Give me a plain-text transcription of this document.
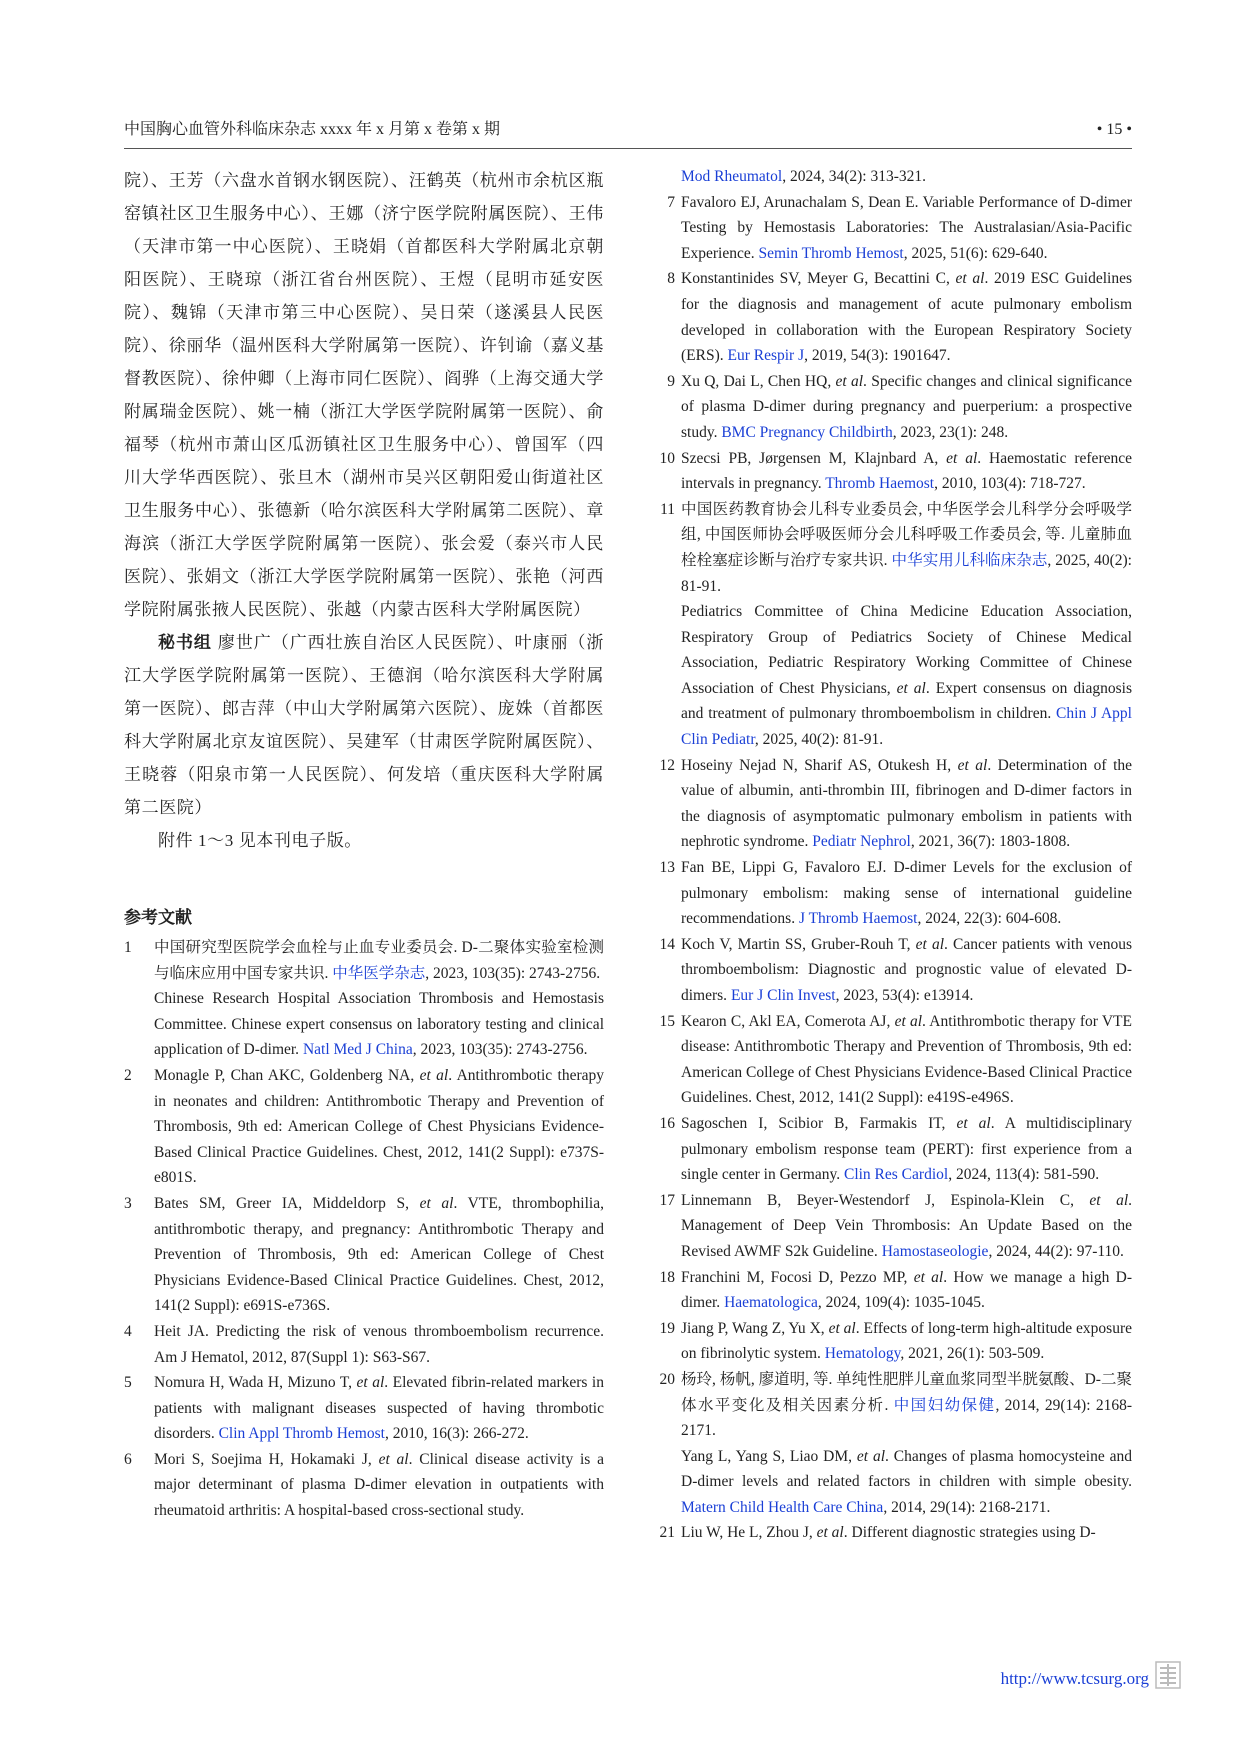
中国胸心血管外科临床杂志 xxxx 年 x 月第 x 卷第 x 期	• 15 •

院）、王芳（六盘水首钢水钢医院）、汪鹤英（杭州市余杭区瓶窑镇社区卫生服务中心）、王娜（济宁医学院附属医院）、王伟（天津市第一中心医院）、王晓娟（首都医科大学附属北京朝阳医院）、王晓琼（浙江省台州医院）、王煜（昆明市延安医院）、魏锦（天津市第三中心医院）、吴日荣（遂溪县人民医院）、徐丽华（温州医科大学附属第一医院）、许钊谕（嘉义基督教医院）、徐仲卿（上海市同仁医院）、阎骅（上海交通大学附属瑞金医院）、姚一楠（浙江大学医学院附属第一医院）、俞福琴（杭州市萧山区瓜沥镇社区卫生服务中心）、曾国军（四川大学华西医院）、张旦木（湖州市吴兴区朝阳爱山街道社区卫生服务中心）、张德新（哈尔滨医科大学附属第二医院）、章海滨（浙江大学医学院附属第一医院）、张会爱（泰兴市人民医院）、张娟文（浙江大学医学院附属第一医院）、张艳（河西学院附属张掖人民医院）、张越（内蒙古医科大学附属医院）

秘书组 廖世广（广西壮族自治区人民医院）、叶康丽（浙江大学医学院附属第一医院）、王德润（哈尔滨医科大学附属第一医院）、郎吉萍（中山大学附属第六医院）、庞姝（首都医科大学附属北京友谊医院）、吴建军（甘肃医学院附属医院）、王晓蓉（阳泉市第一人民医院）、何发培（重庆医科大学附属第二医院）

附件 1～3 见本刊电子版。

参考文献
1	中国研究型医院学会血栓与止血专业委员会. D-二聚体实验室检测与临床应用中国专家共识. 中华医学杂志, 2023, 103(35): 2743-2756.

Chinese Research Hospital Association Thrombosis and Hemostasis Committee. Chinese expert consensus on laboratory testing and clinical application of D-dimer. Natl Med J China, 2023, 103(35): 2743-2756.

2	Monagle P, Chan AKC, Goldenberg NA, et al. Antithrombotic therapy in neonates and children: Antithrombotic Therapy and Prevention of Thrombosis, 9th ed: American College of Chest Physicians Evidence-Based Clinical Practice Guidelines. Chest, 2012, 141(2 Suppl): e737S-e801S.

3	Bates SM, Greer IA, Middeldorp S, et al. VTE, thrombophilia, antithrombotic therapy, and pregnancy: Antithrombotic Therapy and Prevention of Thrombosis, 9th ed: American College of Chest Physicians Evidence-Based Clinical Practice Guidelines. Chest, 2012, 141(2 Suppl): e691S-e736S.

4	Heit JA. Predicting the risk of venous thromboembolism recurrence. Am J Hematol, 2012, 87(Suppl 1): S63-S67.

5	Nomura H, Wada H, Mizuno T, et al. Elevated fibrin-related markers in patients with malignant diseases suspected of having thrombotic disorders. Clin Appl Thromb Hemost, 2010, 16(3): 266-272.

6	Mori S, Soejima H, Hokamaki J, et al. Clinical disease activity is a major determinant of plasma D-dimer elevation in outpatients with rheumatoid arthritis: A hospital-based cross-sectional study.

Mod Rheumatol, 2024, 34(2): 313-321.
7 Favaloro EJ, Arunachalam S, Dean E. Variable Performance of D-dimer Testing by Hemostasis Laboratories: The Australasian/Asia-Pacific Experience. Semin Thromb Hemost, 2025, 51(6): 629-640.

8 Konstantinides SV, Meyer G, Becattini C, et al. 2019 ESC Guidelines for the diagnosis and management of acute pulmonary embolism developed in collaboration with the European Respiratory Society (ERS). Eur Respir J, 2019, 54(3): 1901647.

9 Xu Q, Dai L, Chen HQ, et al. Specific changes and clinical significance of plasma D-dimer during pregnancy and puerperium: a prospective study. BMC Pregnancy Childbirth, 2023, 23(1): 248.

10 Szecsi PB, Jørgensen M, Klajnbard A, et al. Haemostatic reference intervals in pregnancy. Thromb Haemost, 2010, 103(4): 718-727.

11 中国医药教育协会儿科专业委员会, 中华医学会儿科学分会呼吸学组, 中国医师协会呼吸医师分会儿科呼吸工作委员会, 等. 儿童肺血栓栓塞症诊断与治疗专家共识. 中华实用儿科临床杂志, 2025, 40(2): 81-91.

Pediatrics Committee of China Medicine Education Association, Respiratory Group of Pediatrics Society of Chinese Medical Association, Pediatric Respiratory Working Committee of Chinese Association of Chest Physicians, et al. Expert consensus on diagnosis and treatment of pulmonary thromboembolism in children. Chin J Appl Clin Pediatr, 2025, 40(2): 81-91.

12 Hoseiny Nejad N, Sharif AS, Otukesh H, et al. Determination of the value of albumin, anti-thrombin III, fibrinogen and D-dimer factors in the diagnosis of asymptomatic pulmonary embolism in patients with nephrotic syndrome. Pediatr Nephrol, 2021, 36(7): 1803-1808.

13 Fan BE, Lippi G, Favaloro EJ. D-dimer Levels for the exclusion of pulmonary embolism: making sense of international guideline recommendations. J Thromb Haemost, 2024, 22(3): 604-608.

14 Koch V, Martin SS, Gruber-Rouh T, et al. Cancer patients with venous thromboembolism: Diagnostic and prognostic value of elevated D-dimers. Eur J Clin Invest, 2023, 53(4): e13914.

15 Kearon C, Akl EA, Comerota AJ, et al. Antithrombotic therapy for VTE disease: Antithrombotic Therapy and Prevention of Thrombosis, 9th ed: American College of Chest Physicians Evidence-Based Clinical Practice Guidelines. Chest, 2012, 141(2 Suppl): e419S-e496S.

16 Sagoschen I, Scibior B, Farmakis IT, et al. A multidisciplinary pulmonary embolism response team (PERT): first experience from a single center in Germany. Clin Res Cardiol, 2024, 113(4): 581-590.

17 Linnemann B, Beyer-Westendorf J, Espinola-Klein C, et al. Management of Deep Vein Thrombosis: An Update Based on the Revised AWMF S2k Guideline. Hamostaseologie, 2024, 44(2): 97-110.

18 Franchini M, Focosi D, Pezzo MP, et al. How we manage a high D-dimer. Haematologica, 2024, 109(4): 1035-1045.

19 Jiang P, Wang Z, Yu X, et al. Effects of long-term high-altitude exposure on fibrinolytic system. Hematology, 2021, 26(1): 503-509.

20 杨玲, 杨帆, 廖道明, 等. 单纯性肥胖儿童血浆同型半胱氨酸、D-二聚体水平变化及相关因素分析. 中国妇幼保健, 2014, 29(14): 2168-2171.

Yang L, Yang S, Liao DM, et al. Changes of plasma homocysteine and D-dimer levels and related factors in children with simple obesity. Matern Child Health Care China, 2014, 29(14): 2168-2171.

21 Liu W, He L, Zhou J, et al. Different diagnostic strategies using D-

http://www.tcsurg.org
